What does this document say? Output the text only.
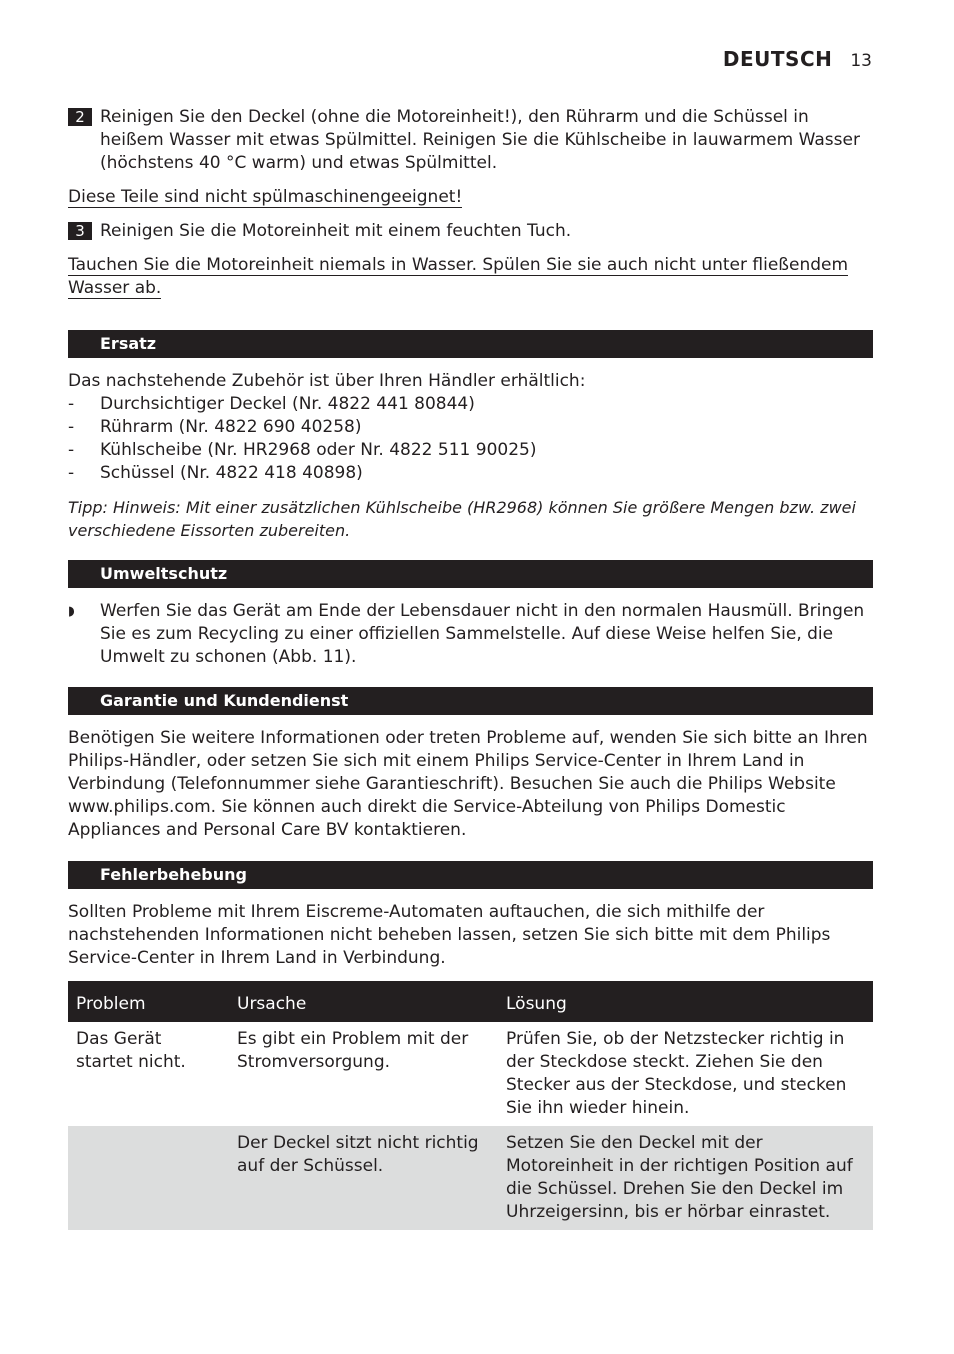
DEUTSCH 13
2 Reinigen Sie den Deckel (ohne die Motoreinheit!), den Rührarm und die Schüssel in heißem Wasser mit etwas Spülmittel. Reinigen Sie die Kühlscheibe in lauwarmem Wasser (höchstens 40 °C warm) und etwas Spülmittel.
Diese Teile sind nicht spülmaschinengeeignet!
3 Reinigen Sie die Motoreinheit mit einem feuchten Tuch.
Tauchen Sie die Motoreinheit niemals in Wasser. Spülen Sie sie auch nicht unter fließendem Wasser ab.
Ersatz

Das nachstehende Zubehör ist über Ihren Händler erhältlich:

-	Durchsichtiger Deckel (Nr. 4822 441 80844)
-	Rührarm (Nr. 4822 690 40258)
-	Kühlscheibe (Nr. HR2968 oder Nr. 4822 511 90025)
-	Schüssel (Nr. 4822 418 40898)

Tipp: Hinweis: Mit einer zusätzlichen Kühlscheibe (HR2968) können Sie größere Mengen bzw. zwei verschiedene Eissorten zubereiten.

Umweltschutz
◗	Werfen Sie das Gerät am Ende der Lebensdauer nicht in den normalen Hausmüll. Bringen Sie es zum Recycling zu einer offiziellen Sammelstelle. Auf diese Weise helfen Sie, die Umwelt zu schonen (Abb. 11).
Garantie und Kundendienst

Benötigen Sie weitere Informationen oder treten Probleme auf, wenden Sie sich bitte an Ihren Philips-Händler, oder setzen Sie sich mit einem Philips Service-Center in Ihrem Land in Verbindung (Telefonnummer siehe Garantieschrift). Besuchen Sie auch die Philips Website www.philips.com. Sie können auch direkt die Service-Abteilung von Philips Domestic Appliances and Personal Care BV kontaktieren.

Fehlerbehebung

Sollten Probleme mit Ihrem Eiscreme-Automaten auftauchen, die sich mithilfe der nachstehenden Informationen nicht beheben lassen, setzen Sie sich bitte mit dem Philips Service-Center in Ihrem Land in Verbindung.

Problem	Ursache	Lösung
Das Gerät startet nicht.	Es gibt ein Problem mit der Stromversorgung.	Prüfen Sie, ob der Netzstecker richtig in der Steckdose steckt. Ziehen Sie den Stecker aus der Steckdose, und stecken Sie ihn wieder hinein.
	Der Deckel sitzt nicht richtig auf der Schüssel.	Setzen Sie den Deckel mit der Motoreinheit in der richtigen Position auf die Schüssel. Drehen Sie den Deckel im Uhrzeigersinn, bis er hörbar einrastet.
